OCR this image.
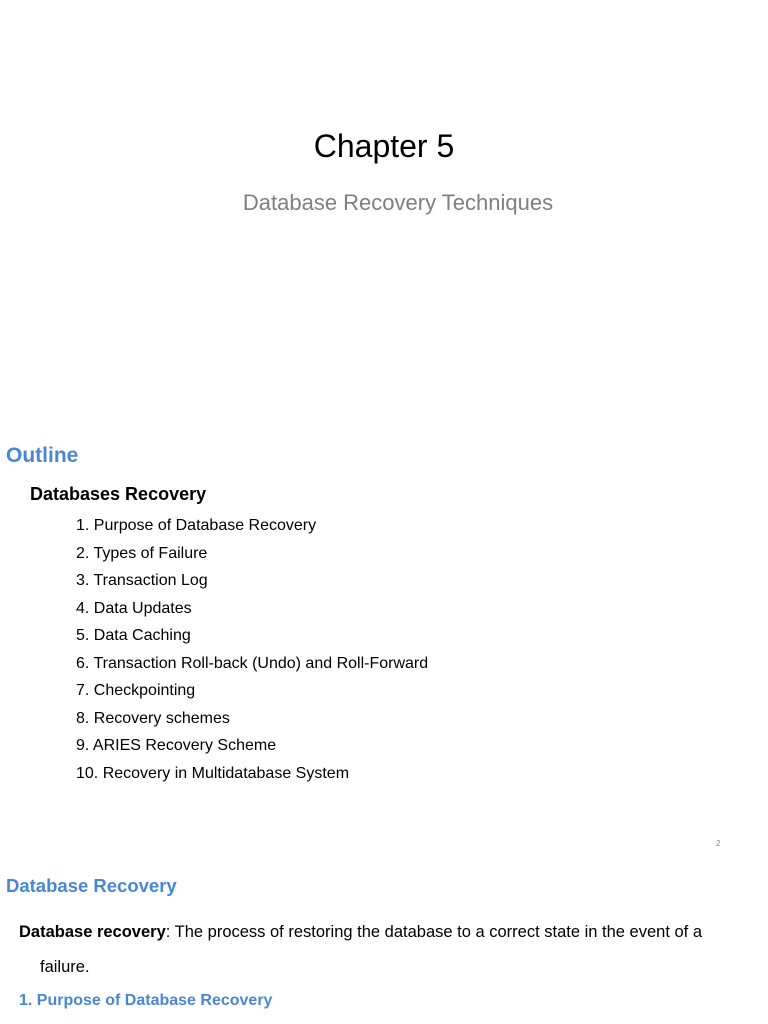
Chapter 5
Database Recovery Techniques
Outline
Databases Recovery
1. Purpose of Database Recovery
2. Types of Failure
3. Transaction Log
4. Data Updates
5. Data Caching
6. Transaction Roll-back (Undo) and Roll-Forward
7. Checkpointing
8. Recovery schemes
9. ARIES Recovery Scheme
10. Recovery in Multidatabase System
2
Database Recovery
Database recovery: The process of restoring the database to a correct state in the event of a
failure.
1. Purpose of Database Recovery
